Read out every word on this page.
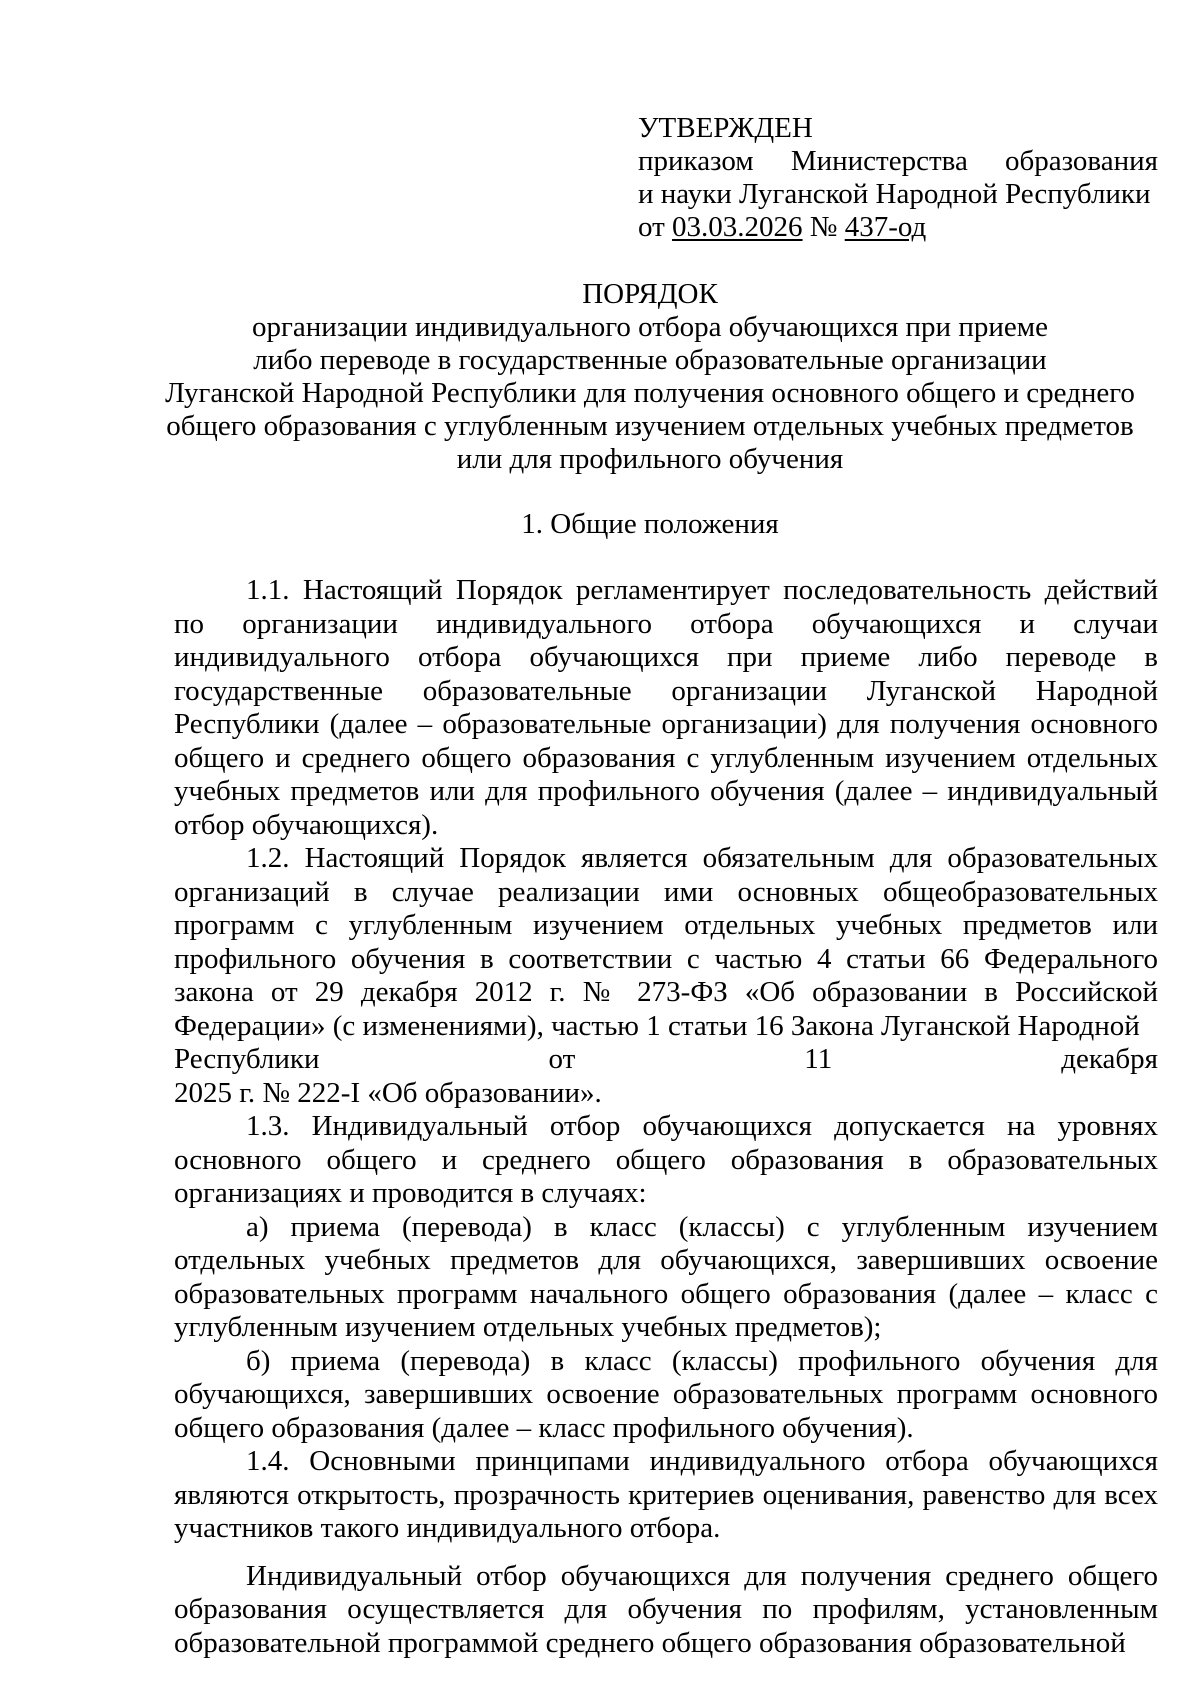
УТВЕРЖДЕН
приказом Министерства образования
и науки Луганской Народной Республики
от 03.03.2026 № 437-од
ПОРЯДОК
организации индивидуального отбора обучающихся при приеме
либо переводе в государственные образовательные организации
Луганской Народной Республики для получения основного общего и среднего
общего образования с углубленным изучением отдельных учебных предметов
или для профильного обучения
1. Общие положения

1.1. Настоящий Порядок регламентирует последовательность действий по организации индивидуального отбора обучающихся и случаи индивидуального отбора обучающихся при приеме либо переводе в государственные образовательные организации Луганской Народной Республики (далее – образовательные организации) для получения основного общего и среднего общего образования с углубленным изучением отдельных учебных предметов или для профильного обучения (далее – индивидуальный отбор обучающихся).

1.2. Настоящий Порядок является обязательным для образовательных организаций в случае реализации ими основных общеобразовательных программ с углубленным изучением отдельных учебных предметов или профильного обучения в соответствии с частью 4 статьи 66 Федерального закона от 29 декабря 2012 г. № 273-ФЗ «Об образовании в Российской Федерации» (с изменениями), частью 1 статьи 16 Закона Луганской Народной

Республики	от	11	декабря
2025 г. № 222-I «Об образовании».

1.3. Индивидуальный отбор обучающихся допускается на уровнях основного общего и среднего общего образования в образовательных организациях и проводится в случаях:

а) приема (перевода) в класс (классы) с углубленным изучением отдельных учебных предметов для обучающихся, завершивших освоение образовательных программ начального общего образования (далее – класс с углубленным изучением отдельных учебных предметов);

б) приема (перевода) в класс (классы) профильного обучения для обучающихся, завершивших освоение образовательных программ основного общего образования (далее – класс профильного обучения).

1.4. Основными принципами индивидуального отбора обучающихся являются открытость, прозрачность критериев оценивания, равенство для всех участников такого индивидуального отбора.

Индивидуальный отбор обучающихся для получения среднего общего образования осуществляется для обучения по профилям, установленным образовательной программой среднего общего образования образовательной
